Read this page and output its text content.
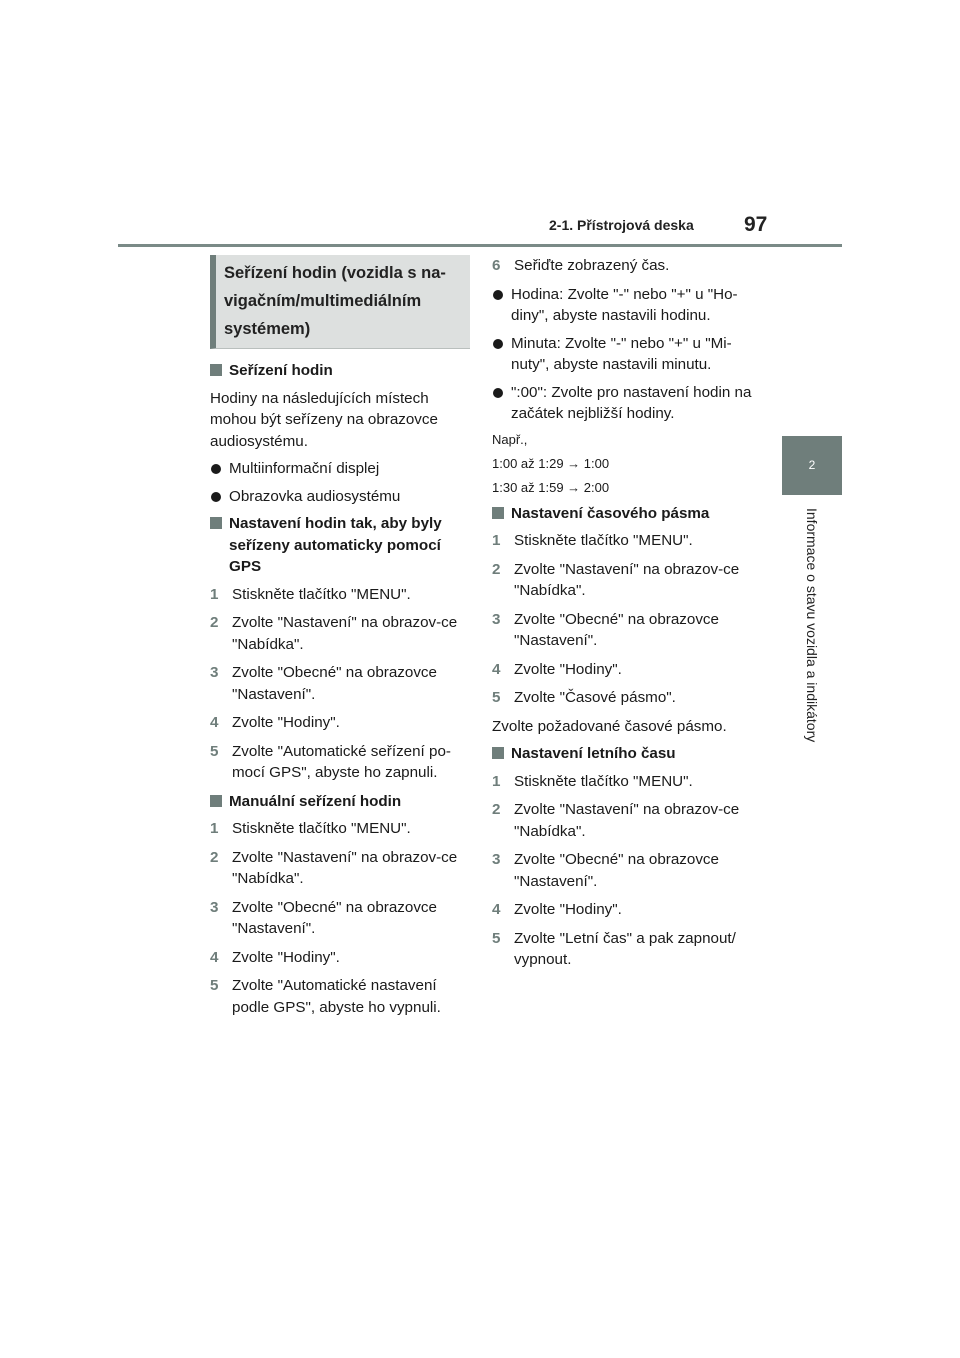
2-1. Přístrojová deska 97
2
Informace o stavu vozidla a indikátory
Seřízení hodin (vozidla s na-vigačním/multimediálním systémem)
Seřízení hodin

Hodiny na následujících místech mohou být seřízeny na obrazovce audiosystému.

Multiinformační displej
Obrazovka audiosystému
Nastavení hodin tak, aby byly seřízeny automaticky pomocí GPS
1 Stiskněte tlačítko "MENU".
2 Zvolte "Nastavení" na obrazov-ce "Nabídka".
3 Zvolte "Obecné" na obrazovce "Nastavení".
4 Zvolte "Hodiny".
5 Zvolte "Automatické seřízení po-mocí GPS", abyste ho zapnuli.
Manuální seřízení hodin
1 Stiskněte tlačítko "MENU".
2 Zvolte "Nastavení" na obrazov-ce "Nabídka".
3 Zvolte "Obecné" na obrazovce "Nastavení".
4 Zvolte "Hodiny".
5 Zvolte "Automatické nastavení podle GPS", abyste ho vypnuli.
6 Seřiďte zobrazený čas.
Hodina: Zvolte "-" nebo "+" u "Ho-diny", abyste nastavili hodinu.
Minuta: Zvolte "-" nebo "+" u "Mi-nuty", abyste nastavili minutu.
":00": Zvolte pro nastavení hodin na začátek nejbližší hodiny.
Např.,
1:00 až 1:29 → 1:00
1:30 až 1:59 → 2:00
Nastavení časového pásma
1 Stiskněte tlačítko "MENU".
2 Zvolte "Nastavení" na obrazov-ce "Nabídka".
3 Zvolte "Obecné" na obrazovce "Nastavení".
4 Zvolte "Hodiny".
5 Zvolte "Časové pásmo".

Zvolte požadované časové pásmo.

Nastavení letního času
1 Stiskněte tlačítko "MENU".
2 Zvolte "Nastavení" na obrazov-ce "Nabídka".
3 Zvolte "Obecné" na obrazovce "Nastavení".
4 Zvolte "Hodiny".
5 Zvolte "Letní čas" a pak zapnout/ vypnout.
